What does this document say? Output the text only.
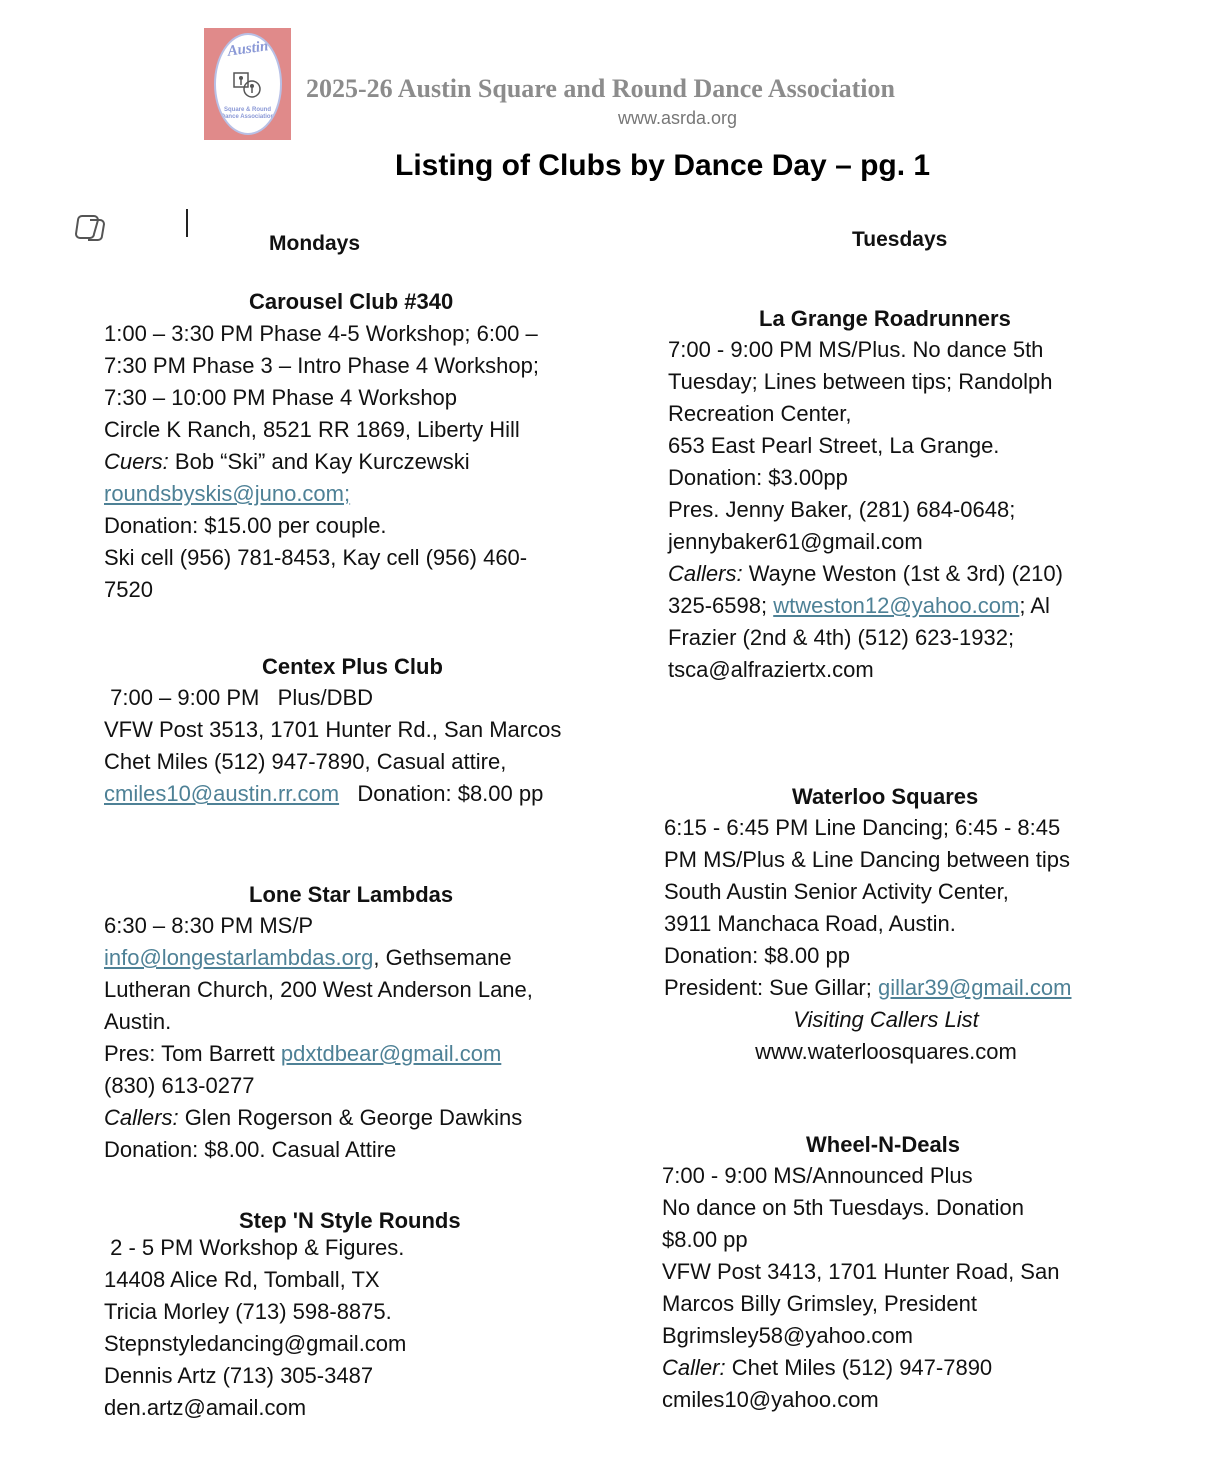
Austin
Square & Round Dance Association
2025-26 Austin Square and Round Dance Association
www.asrda.org
Listing of Clubs by Dance Day – pg. 1
Mondays
Carousel Club #340
1:00 – 3:30 PM Phase 4-5 Workshop; 6:00 –
7:30 PM Phase 3 – Intro Phase 4 Workshop;
7:30 – 10:00 PM Phase 4 Workshop
Circle K Ranch, 8521 RR 1869, Liberty Hill
Cuers: Bob “Ski” and Kay Kurczewski
roundsbyskis@juno.com;
Donation: $15.00 per couple.
Ski cell (956) 781-8453, Kay cell (956) 460-
7520
Centex Plus Club
7:00 – 9:00 PM   Plus/DBD
VFW Post 3513, 1701 Hunter Rd., San Marcos
Chet Miles (512) 947-7890, Casual attire,
cmiles10@austin.rr.com   Donation: $8.00 pp
Lone Star Lambdas
6:30 – 8:30 PM MS/P
info@longestarlambdas.org, Gethsemane
Lutheran Church, 200 West Anderson Lane,
Austin.
Pres: Tom Barrett pdxtdbear@gmail.com
(830) 613-0277
Callers: Glen Rogerson & George Dawkins
Donation: $8.00. Casual Attire
Step 'N Style Rounds
2 - 5 PM Workshop & Figures.
14408 Alice Rd, Tomball, TX
Tricia Morley (713) 598-8875.
Stepnstyledancing@gmail.com
Dennis Artz (713) 305-3487
den.artz@amail.com
Tuesdays
La Grange Roadrunners
7:00 - 9:00 PM MS/Plus. No dance 5th
Tuesday; Lines between tips; Randolph
Recreation Center,
653 East Pearl Street, La Grange.
Donation: $3.00pp
Pres. Jenny Baker, (281) 684-0648;
jennybaker61@gmail.com
Callers: Wayne Weston (1st & 3rd) (210)
325-6598; wtweston12@yahoo.com; Al
Frazier (2nd & 4th) (512) 623-1932;
tsca@alfraziertx.com
Waterloo Squares
6:15 - 6:45 PM Line Dancing; 6:45 - 8:45
PM MS/Plus & Line Dancing between tips
South Austin Senior Activity Center,
3911 Manchaca Road, Austin.
Donation: $8.00 pp
President: Sue Gillar; gillar39@gmail.com
Visiting Callers List
www.waterloosquares.com
Wheel-N-Deals
7:00 - 9:00 MS/Announced Plus
No dance on 5th Tuesdays. Donation
$8.00 pp
VFW Post 3413, 1701 Hunter Road, San
Marcos Billy Grimsley, President
Bgrimsley58@yahoo.com
Caller: Chet Miles (512) 947-7890
cmiles10@yahoo.com
